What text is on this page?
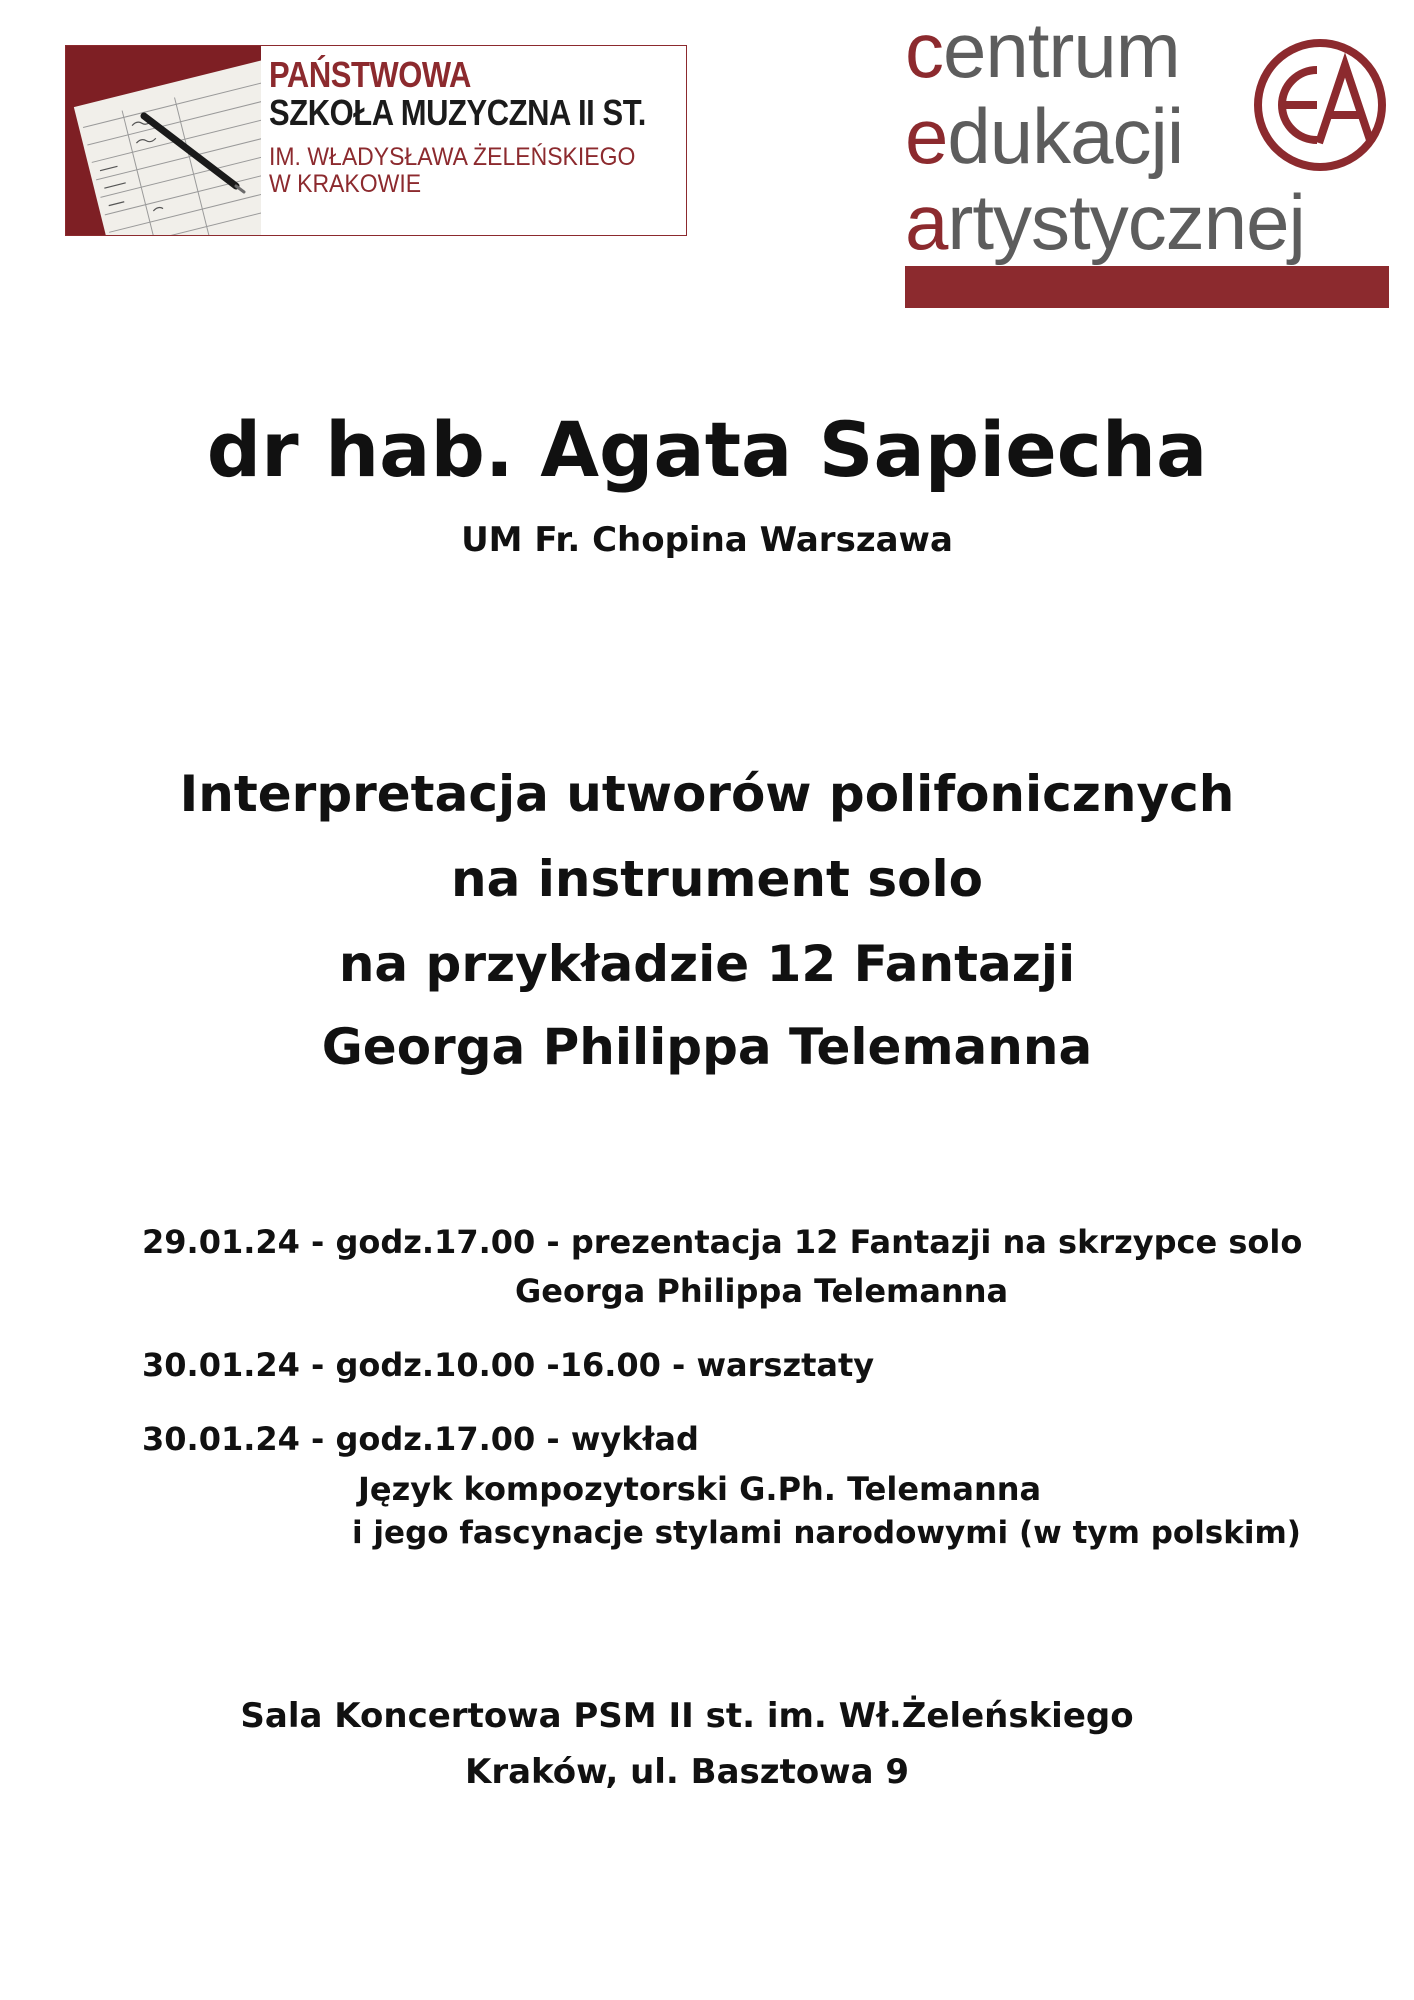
PAŃSTWOWA
SZKOŁA MUZYCZNA II ST.
IM. WŁADYSŁAWA ŻELEŃSKIEGO
W KRAKOWIE
centrum
edukacji
artystycznej
dr hab. Agata Sapiecha
UM Fr. Chopina Warszawa
Interpretacja utworów polifonicznych
na instrument solo
na przykładzie 12 Fantazji
Georga Philippa Telemanna
29.01.24 - godz.17.00 - prezentacja 12 Fantazji na skrzypce solo
Georga Philippa Telemanna
30.01.24 - godz.10.00 -16.00 - warsztaty
30.01.24 - godz.17.00 - wykład
Język kompozytorski G.Ph. Telemanna
i jego fascynacje stylami narodowymi (w tym polskim)
Sala Koncertowa PSM II st. im. Wł.Żeleńskiego
Kraków, ul. Basztowa 9
